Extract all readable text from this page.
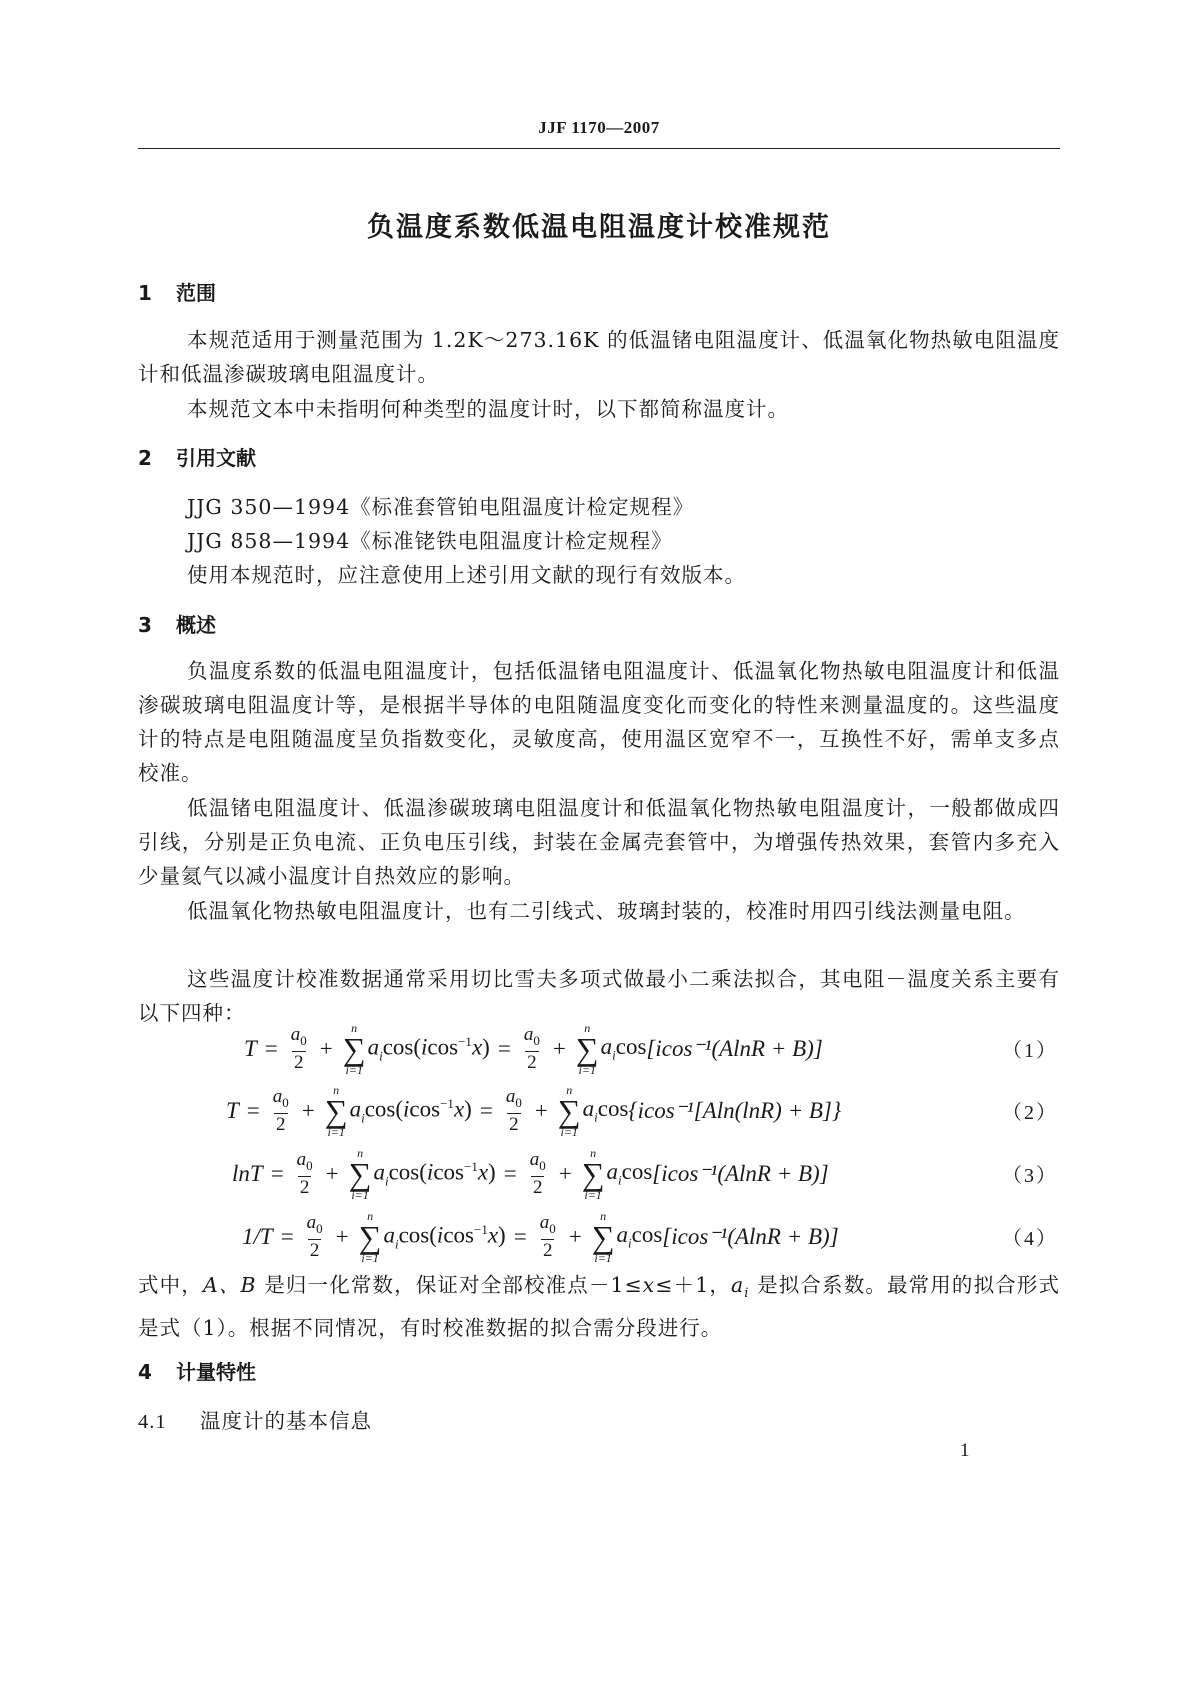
JJF 1170—2007
负温度系数低温电阻温度计校准规范
1 范围
本规范适用于测量范围为 1.2K～273.16K 的低温锗电阻温度计、低温氧化物热敏电阻温度计和低温渗碳玻璃电阻温度计。
本规范文本中未指明何种类型的温度计时，以下都简称温度计。
2 引用文献
JJG 350—1994《标准套管铂电阻温度计检定规程》
JJG 858—1994《标准铑铁电阻温度计检定规程》
使用本规范时，应注意使用上述引用文献的现行有效版本。
3 概述
负温度系数的低温电阻温度计，包括低温锗电阻温度计、低温氧化物热敏电阻温度计和低温渗碳玻璃电阻温度计等，是根据半导体的电阻随温度变化而变化的特性来测量温度的。这些温度计的特点是电阻随温度呈负指数变化，灵敏度高，使用温区宽窄不一，互换性不好，需单支多点校准。
低温锗电阻温度计、低温渗碳玻璃电阻温度计和低温氧化物热敏电阻温度计，一般都做成四引线，分别是正负电流、正负电压引线，封装在金属壳套管中，为增强传热效果，套管内多充入少量氦气以减小温度计自热效应的影响。
低温氧化物热敏电阻温度计，也有二引线式、玻璃封装的，校准时用四引线法测量电阻。
这些温度计校准数据通常采用切比雪夫多项式做最小二乘法拟合，其电阻－温度关系主要有以下四种：
$T = \frac{a_0}{2}$ +
n
∑
i=1
$a_i\cos(icos^{-1}x) = \frac{a_0}{2}$ +
n
∑
i=1
$a_i\cos$ [icos⁻¹(AlnR + B)]	（1）
$T = \frac{a_0}{2}$ +
n
∑
i=1
$a_i\cos(icos^{-1}x) = \frac{a_0}{2}$ +
n
∑
i=1
$a_i\cos$ {icos⁻¹[Aln(lnR) + B]}	（2）
$\ln T = \frac{a_0}{2}$ +
n
∑
i=1
$a_i\cos(icos^{-1}x) = \frac{a_0}{2}$ +
n
∑
i=1
$a_i\cos$ [icos⁻¹(AlnR + B)]	（3）
$1/T = \frac{a_0}{2}$ +
n
∑
i=1
$a_i\cos(icos^{-1}x) = \frac{a_0}{2}$ +
n
∑
i=1
$a_i\cos$ [icos⁻¹(AlnR + B)]	（4）
式中，A、B 是归一化常数，保证对全部校准点－1≤x≤＋1，$a_i$ 是拟合系数。最常用的拟合形式是式（1）。根据不同情况，有时校准数据的拟合需分段进行。
4 计量特性
4.1 温度计的基本信息
1
